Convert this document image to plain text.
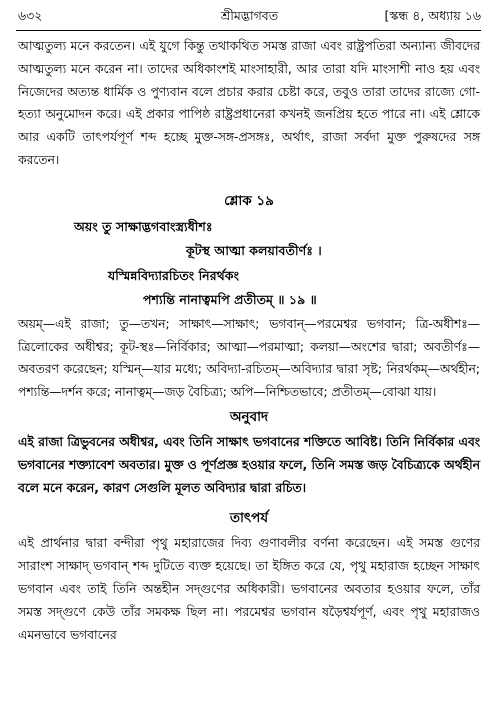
৬৩২	শ্রীমদ্ভাগবত	[স্কন্ধ ৪, অধ্যায় ১৬

আত্মতুল্য মনে করতেন। এই যুগে কিন্তু তথাকথিত সমস্ত রাজা এবং রাষ্ট্রপতিরা অন্যান্য জীবদের আত্মতুল্য মনে করেন না। তাদের অধিকাংশই মাংসাহারী, আর তারা যদি মাংসাশী নাও হয় এবং নিজেদের অত্যন্ত ধার্মিক ও পুণ্যবান বলে প্রচার করার চেষ্টা করে, তবুও তারা তাদের রাজ্যে গো-হত্যা অনুমোদন করে। এই প্রকার পাপিষ্ঠ রাষ্ট্রপ্রধানেরা কখনই জনপ্রিয় হতে পারে না। এই শ্লোকে আর একটি তাৎপর্যপূর্ণ শব্দ হচ্ছে মুক্ত-সঙ্গ-প্রসঙ্গঃ, অর্থাৎ, রাজা সর্বদা মুক্ত পুরুষদের সঙ্গ করতেন।

শ্লোক ১৯
অয়ং তু সাক্ষাদ্ভগবাংস্ত্র্যধীশঃ
কূটস্থ আত্মা কলয়াবতীর্ণঃ ।
যস্মিন্নবিদ্যারচিতং নিরর্থকং
পশ্যন্তি নানাত্বমপি প্রতীতম্ ॥ ১৯ ॥

অয়ম্—এই রাজা; তু—তখন; সাক্ষাৎ—সাক্ষাৎ; ভগবান্—পরমেশ্বর ভগবান; ত্রি-অধীশঃ—ত্রিলোকের অধীশ্বর; কূট-স্থঃ—নির্বিকার; আত্মা—পরমাত্মা; কলয়া—অংশের দ্বারা; অবতীর্ণঃ—অবতরণ করেছেন; যস্মিন্—যার মধ্যে; অবিদ্যা-রচিতম্—অবিদ্যার দ্বারা সৃষ্ট; নিরর্থকম্—অর্থহীন; পশ্যন্তি—দর্শন করে; নানাত্বম্—জড় বৈচিত্র্য; অপি—নিশ্চিতভাবে; প্রতীতম্—বোঝা যায়।

অনুবাদ

এই রাজা ত্রিভুবনের অধীশ্বর, এবং তিনি সাক্ষাৎ ভগবানের শক্তিতে আবিষ্ট। তিনি নির্বিকার এবং ভগবানের শক্ত্যাবেশ অবতার। মুক্ত ও পূর্ণপ্রজ্ঞ হওয়ার ফলে, তিনি সমস্ত জড় বৈচিত্র্যকে অর্থহীন বলে মনে করেন, কারণ সেগুলি মূলত অবিদ্যার দ্বারা রচিত।

তাৎপর্য

এই প্রার্থনার দ্বারা বন্দীরা পৃথু মহারাজের দিব্য গুণাবলীর বর্ণনা করেছেন। এই সমস্ত গুণের সারাংশ সাক্ষাদ্ ভগবান্ শব্দ দুটিতে ব্যক্ত হয়েছে। তা ইঙ্গিত করে যে, পৃথু মহারাজ হচ্ছেন সাক্ষাৎ ভগবান এবং তাই তিনি অন্তহীন সদ্গুণের অধিকারী। ভগবানের অবতার হওয়ার ফলে, তাঁর সমস্ত সদ্গুণে কেউ তাঁর সমকক্ষ ছিল না। পরমেশ্বর ভগবান ষড়ৈশ্বর্যপূর্ণ, এবং পৃথু মহারাজও এমনভাবে ভগবানের
